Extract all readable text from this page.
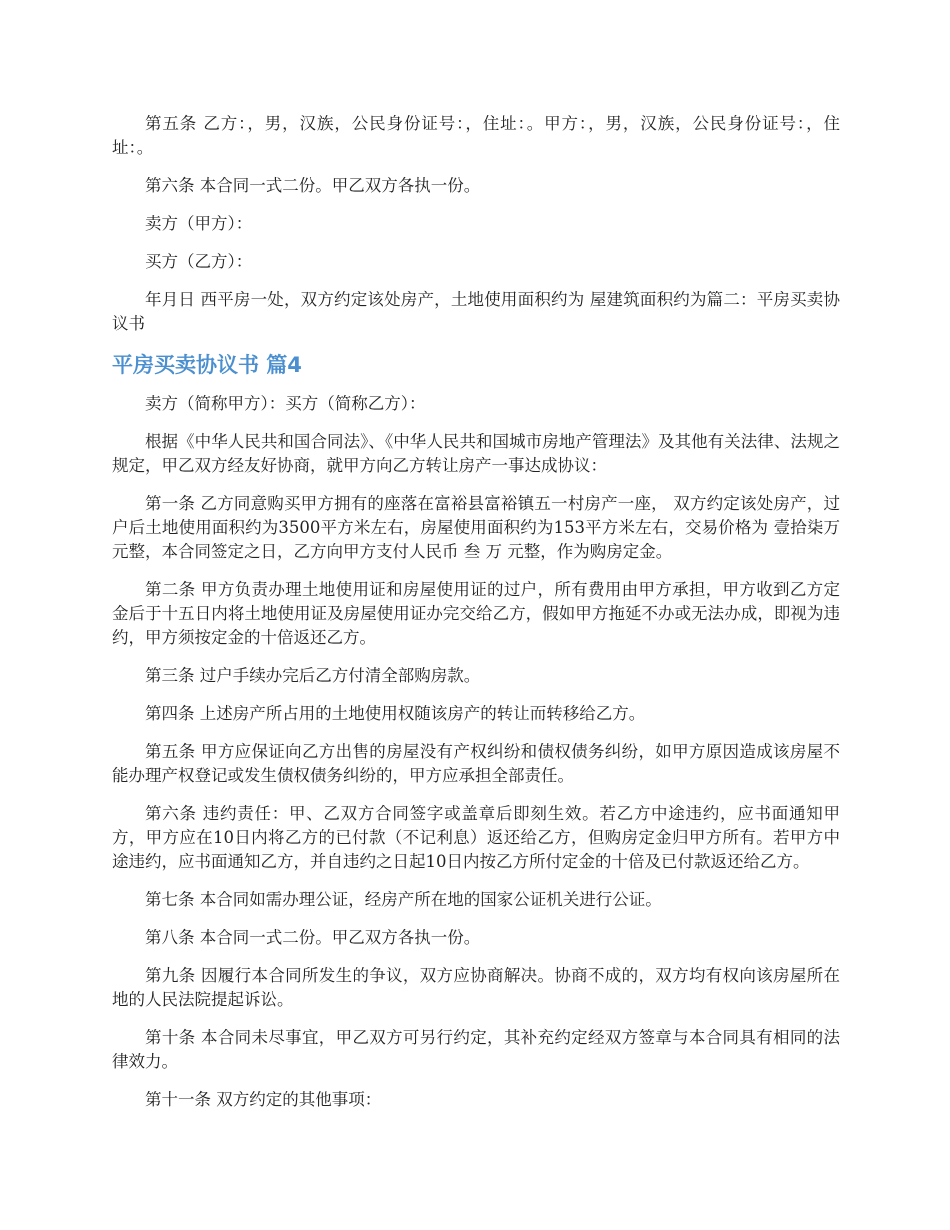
第五条 乙方：，男，汉族，公民身份证号：，住址：。甲方：，男，汉族，公民身份证号：，住址：。

第六条 本合同一式二份。甲乙双方各执一份。

卖方（甲方）：

买方（乙方）：

年月日 西平房一处，双方约定该处房产，土地使用面积约为 屋建筑面积约为篇二：平房买卖协议书

平房买卖协议书 篇4

卖方（简称甲方）：买方（简称乙方）：

根据《中华人民共和国合同法》、《中华人民共和国城市房地产管理法》及其他有关法律、法规之规定，甲乙双方经友好协商，就甲方向乙方转让房产一事达成协议：

第一条 乙方同意购买甲方拥有的座落在富裕县富裕镇五一村房产一座， 双方约定该处房产，过户后土地使用面积约为3500平方米左右，房屋使用面积约为153平方米左右，交易价格为 壹拾柒万 元整，本合同签定之日，乙方向甲方支付人民币 叁 万 元整，作为购房定金。

第二条 甲方负责办理土地使用证和房屋使用证的过户，所有费用由甲方承担，甲方收到乙方定金后于十五日内将土地使用证及房屋使用证办完交给乙方，假如甲方拖延不办或无法办成，即视为违约，甲方须按定金的十倍返还乙方。

第三条 过户手续办完后乙方付清全部购房款。

第四条 上述房产所占用的土地使用权随该房产的转让而转移给乙方。

第五条 甲方应保证向乙方出售的房屋没有产权纠纷和债权债务纠纷，如甲方原因造成该房屋不能办理产权登记或发生债权债务纠纷的，甲方应承担全部责任。

第六条 违约责任：甲、乙双方合同签字或盖章后即刻生效。若乙方中途违约，应书面通知甲方，甲方应在10日内将乙方的已付款（不记利息）返还给乙方，但购房定金归甲方所有。若甲方中途违约，应书面通知乙方，并自违约之日起10日内按乙方所付定金的十倍及已付款返还给乙方。

第七条 本合同如需办理公证，经房产所在地的国家公证机关进行公证。

第八条 本合同一式二份。甲乙双方各执一份。

第九条 因履行本合同所发生的争议，双方应协商解决。协商不成的，双方均有权向该房屋所在地的人民法院提起诉讼。

第十条 本合同未尽事宜，甲乙双方可另行约定，其补充约定经双方签章与本合同具有相同的法律效力。

第十一条 双方约定的其他事项：
